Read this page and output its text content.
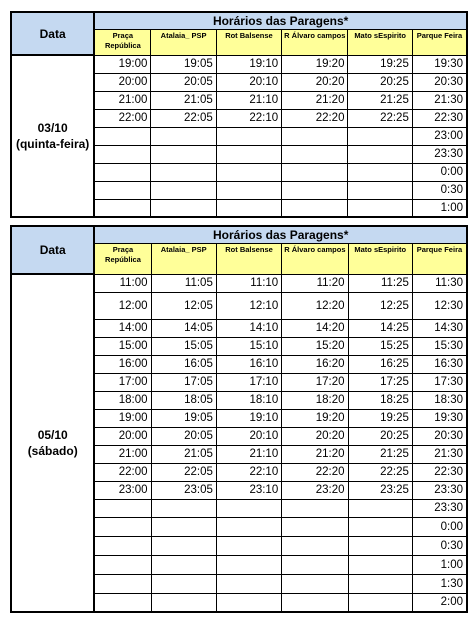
Data	Horários das Paragens*					
	Praça República	Atalaia_ PSP	Rot Balsense	R Álvaro campos	Mato sEspirito	Parque Feira

03/10
(quinta-feira)	19:00	19:05	19:10	19:20	19:25	19:30
	20:00	20:05	20:10	20:20	20:25	20:30
	21:00	21:05	21:10	21:20	21:25	21:30
	22:00	22:05	22:10	22:20	22:25	22:30
						23:00
						23:30
						0:00
						0:30
						1:00
Data	Horários das Paragens*					
	Praça República	Atalaia_ PSP	Rot Balsense	R Álvaro campos	Mato sEspirito	Parque Feira

05/10
(sábado)	11:00	11:05	11:10	11:20	11:25	11:30
	12:00	12:05	12:10	12:20	12:25	12:30
	14:00	14:05	14:10	14:20	14:25	14:30
	15:00	15:05	15:10	15:20	15:25	15:30
	16:00	16:05	16:10	16:20	16:25	16:30
	17:00	17:05	17:10	17:20	17:25	17:30
	18:00	18:05	18:10	18:20	18:25	18:30
	19:00	19:05	19:10	19:20	19:25	19:30
	20:00	20:05	20:10	20:20	20:25	20:30
	21:00	21:05	21:10	21:20	21:25	21:30
	22:00	22:05	22:10	22:20	22:25	22:30
	23:00	23:05	23:10	23:20	23:25	23:30
						23:30
						0:00
						0:30
						1:00
						1:30
						2:00
